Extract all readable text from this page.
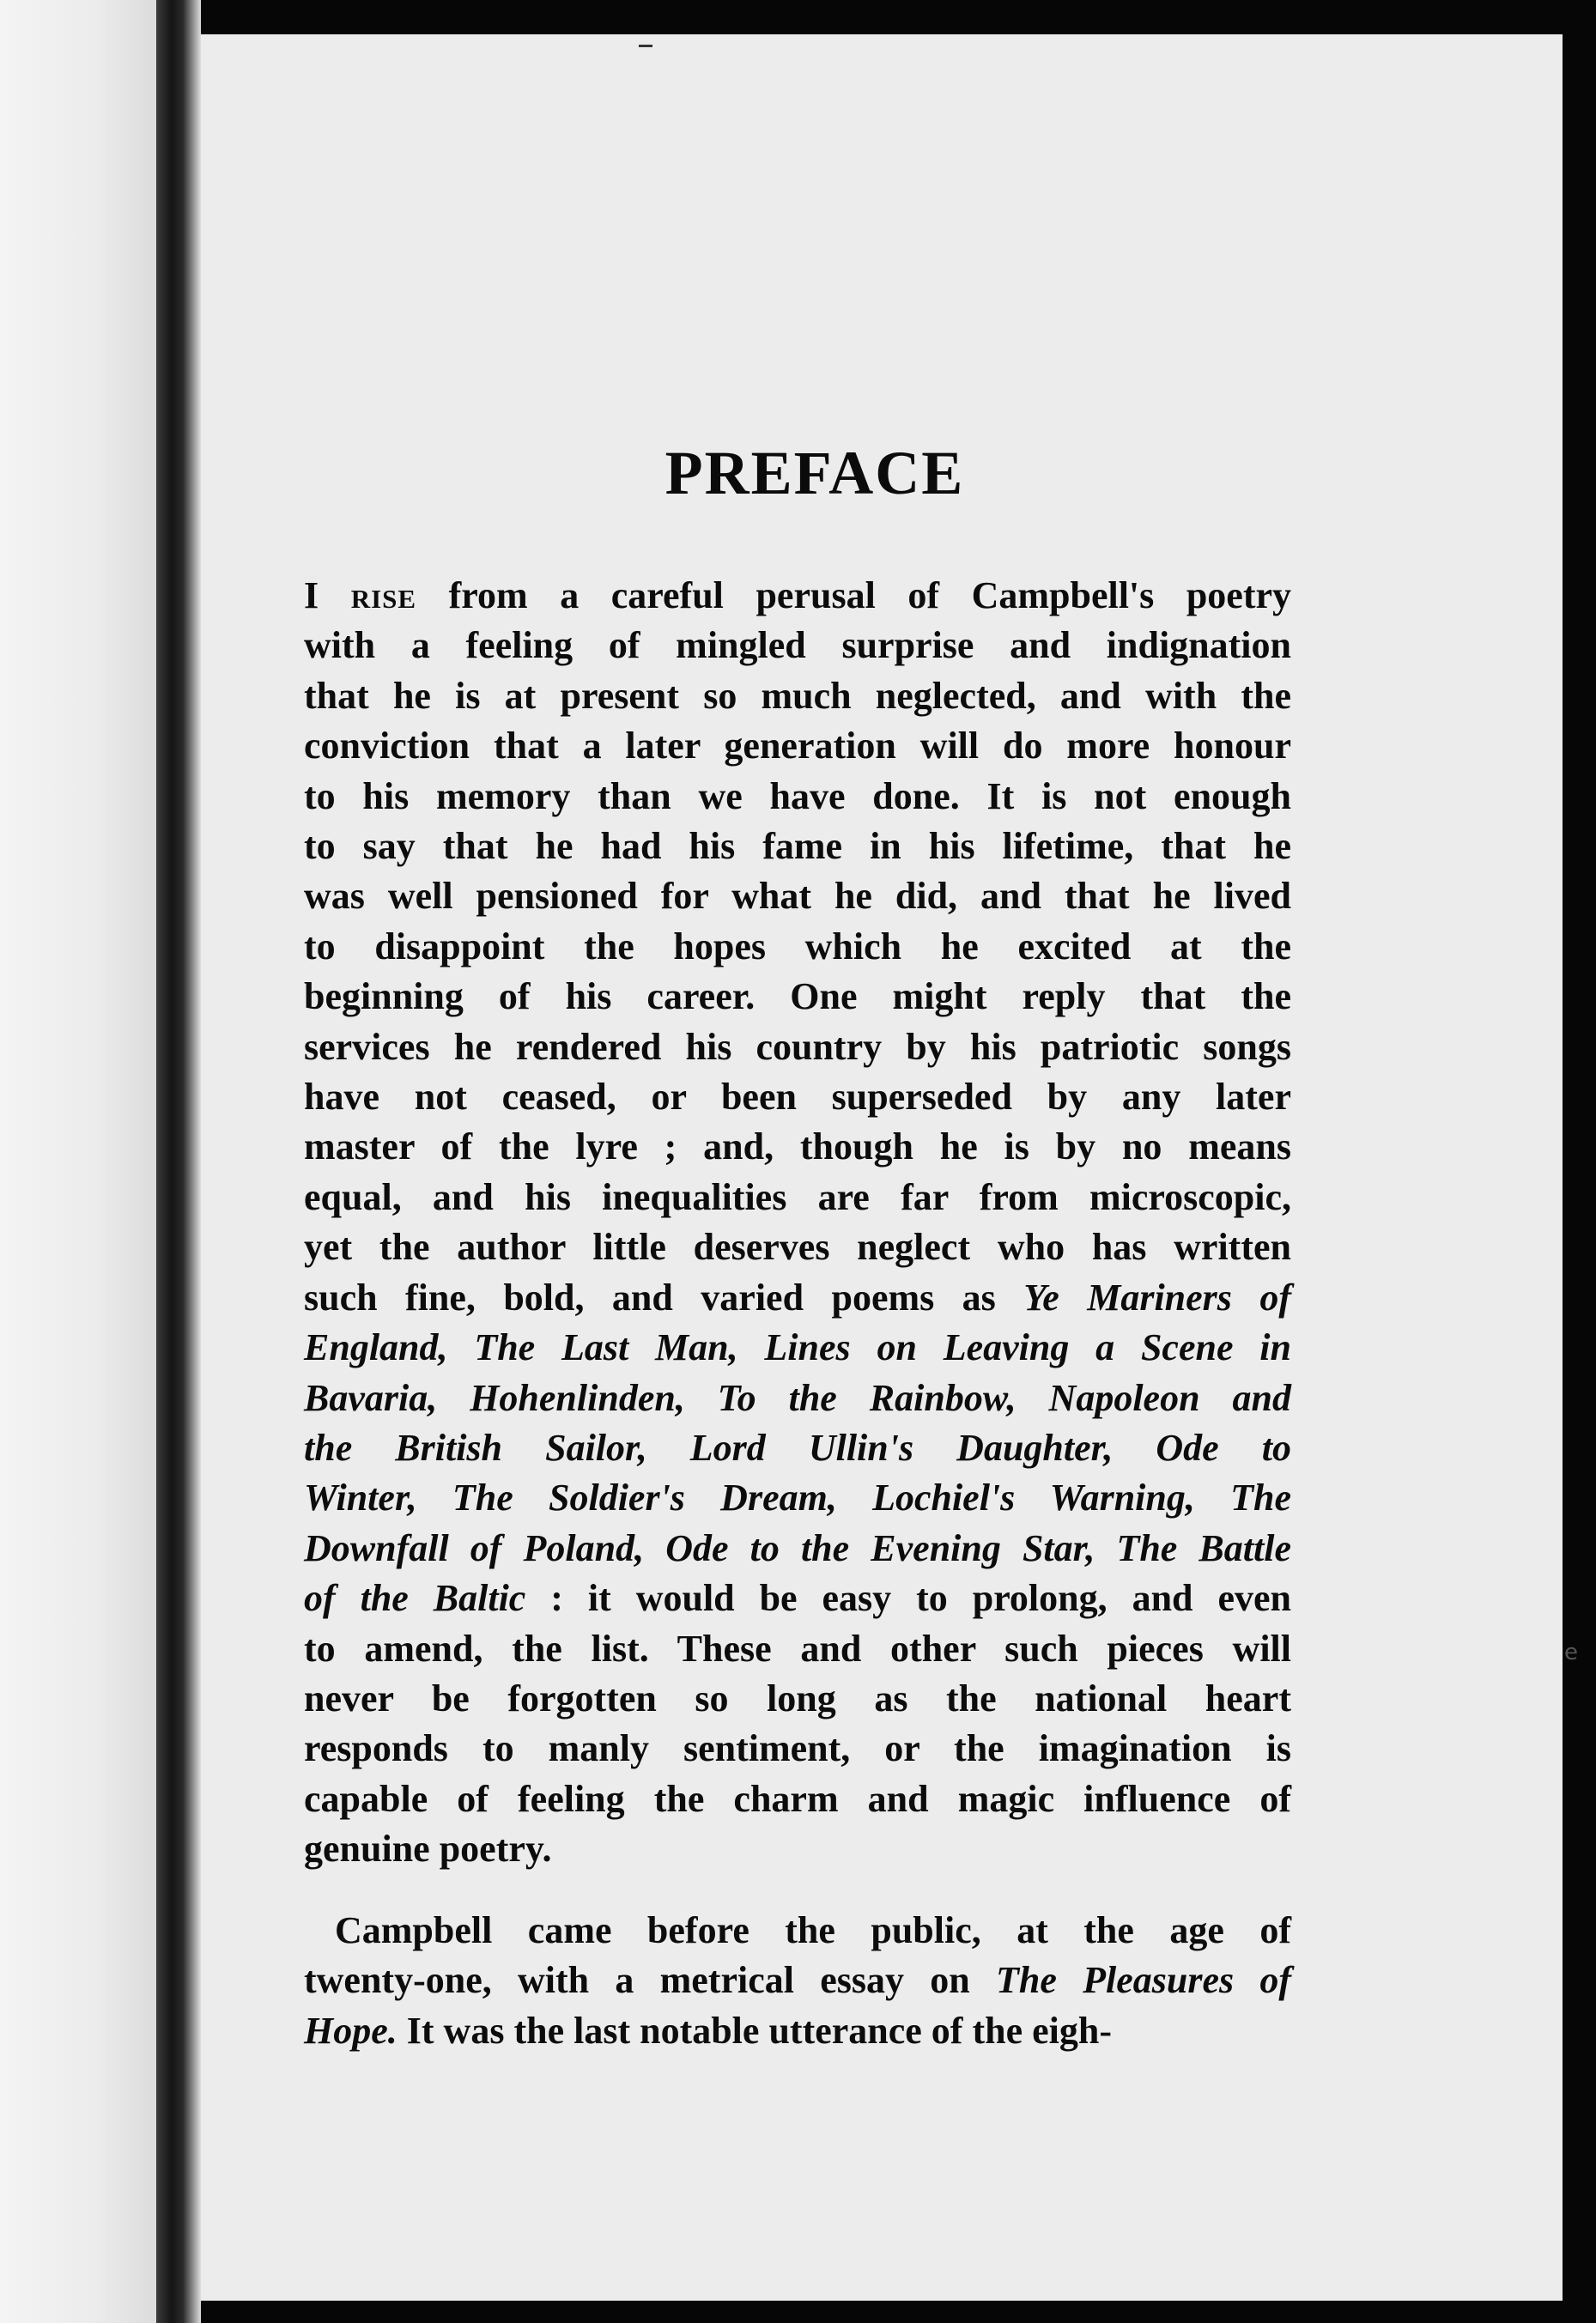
PREFACE
I rise from a careful perusal of Campbell's poetry
with a feeling of mingled surprise and indignation
that he is at present so much neglected, and with the
conviction that a later generation will do more honour
to his memory than we have done. It is not enough
to say that he had his fame in his lifetime, that he
was well pensioned for what he did, and that he lived
to disappoint the hopes which he excited at the
beginning of his career. One might reply that the
services he rendered his country by his patriotic songs
have not ceased, or been superseded by any later
master of the lyre ; and, though he is by no means
equal, and his inequalities are far from microscopic,
yet the author little deserves neglect who has written
such fine, bold, and varied poems as Ye Mariners of
England, The Last Man, Lines on Leaving a Scene in
Bavaria, Hohenlinden, To the Rainbow, Napoleon and
the British Sailor, Lord Ullin's Daughter, Ode to
Winter, The Soldier's Dream, Lochiel's Warning, The
Downfall of Poland, Ode to the Evening Star, The Battle
of the Baltic : it would be easy to prolong, and even
to amend, the list. These and other such pieces will
never be forgotten so long as the national heart
responds to manly sentiment, or the imagination is
capable of feeling the charm and magic influence of
genuine poetry.
Campbell came before the public, at the age of
twenty-one, with a metrical essay on The Pleasures of
Hope. It was the last notable utterance of the eigh-
e
